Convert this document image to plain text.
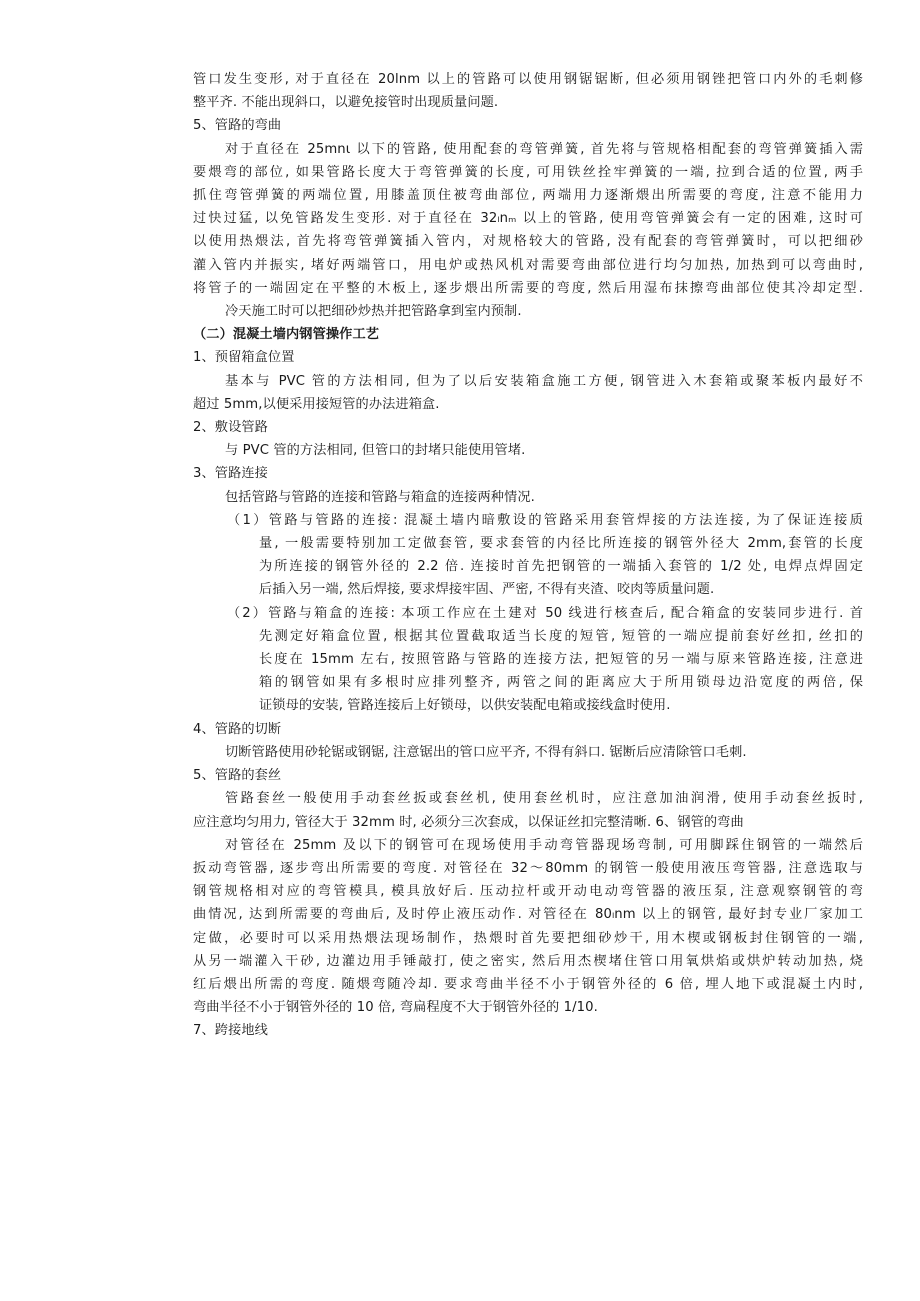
管口发生变形, 对于直径在 20lnm 以上的管路可以使用钢锯锯断, 但必须用钢锉把管口内外的毛刺修
整平齐. 不能出现斜口，以避免接管时出现质量问题.
5、管路的弯曲
对于直径在 25mnι 以下的管路, 使用配套的弯管弹簧, 首先将与管规格相配套的弯管弹簧插入需
要煨弯的部位, 如果管路长度大于弯管弹簧的长度, 可用铁丝拴牢弹簧的一端, 拉到合适的位置, 两手
抓住弯管弹簧的两端位置, 用膝盖顶住被弯曲部位, 两端用力逐渐煨出所需要的弯度, 注意不能用力
过快过猛, 以免管路发生变形. 对于直径在 32ₗnₘ 以上的管路, 使用弯管弹簧会有一定的困难, 这时可
以使用热煨法, 首先将弯管弹簧插入管内，对规格较大的管路, 没有配套的弯管弹簧时，可以把细砂
灌入管内并振实, 堵好两端管口，用电炉或热风机对需要弯曲部位进行均匀加热, 加热到可以弯曲时,
将管子的一端固定在平整的木板上, 逐步煨出所需要的弯度, 然后用湿布抹擦弯曲部位使其冷却定型.
冷天施工时可以把细砂炒热并把管路拿到室内预制.
（二）混凝土墙内钢管操作工艺
1、预留箱盒位置
基本与 PVC 管的方法相同, 但为了以后安装箱盒施工方便, 钢管进入木套箱或聚苯板内最好不
超过 5mm,以便采用接短管的办法进箱盒.
2、敷设管路
与 PVC 管的方法相同, 但管口的封堵只能使用管堵.
3、管路连接
包括管路与管路的连接和管路与箱盒的连接两种情况.
（1）管路与管路的连接: 混凝土墙内暗敷设的管路采用套管焊接的方法连接, 为了保证连接质
量, 一般需要特别加工定做套管, 要求套管的内径比所连接的钢管外径大 2mm,套管的长度
为所连接的钢管外径的 2.2 倍. 连接时首先把钢管的一端插入套管的 1/2 处, 电焊点焊固定
后插入另一端, 然后焊接, 要求焊接牢固、严密, 不得有夹渣、咬肉等质量问题.
（2）管路与箱盒的连接: 本项工作应在土建对 50 线进行核查后, 配合箱盒的安装同步进行. 首
先测定好箱盒位置, 根据其位置截取适当长度的短管, 短管的一端应提前套好丝扣, 丝扣的
长度在 15mm 左右, 按照管路与管路的连接方法, 把短管的另一端与原来管路连接, 注意进
箱的钢管如果有多根时应排列整齐, 两管之间的距离应大于所用锁母边沿宽度的两倍, 保
证锁母的安装, 管路连接后上好锁母，以供安装配电箱或接线盒时使用.
4、管路的切断
切断管路使用砂轮锯或钢锯, 注意锯出的管口应平齐, 不得有斜口. 锯断后应清除管口毛刺.
5、管路的套丝
管路套丝一般使用手动套丝扳或套丝机, 使用套丝机时，应注意加油润滑, 使用手动套丝扳时,
应注意均匀用力, 管径大于 32mm 时, 必须分三次套成，以保证丝扣完整清晰. 6、钢管的弯曲
对管径在 25mm 及以下的钢管可在现场使用手动弯管器现场弯制, 可用脚踩住钢管的一端然后
扳动弯管器, 逐步弯出所需要的弯度. 对管径在 32～80mm 的钢管一般使用液压弯管器, 注意选取与
钢管规格相对应的弯管模具, 模具放好后. 压动拉杆或开动电动弯管器的液压泵, 注意观察钢管的弯
曲情况, 达到所需要的弯曲后, 及时停止液压动作. 对管径在 80ₗnm 以上的钢管, 最好封专业厂家加工
定做，必要时可以采用热煨法现场制作，热煨时首先要把细砂炒干, 用木楔或钢板封住钢管的一端,
从另一端灌入干砂, 边灌边用手锤敲打, 使之密实, 然后用杰楔堵住管口用氧烘焰或烘炉转动加热, 烧
红后煨出所需的弯度. 随煨弯随冷却. 要求弯曲半径不小于钢管外径的 6 倍, 埋人地下或混凝土内时,
弯曲半径不小于钢管外径的 10 倍, 弯扁程度不大于钢管外径的 1/10.
7、跨接地线
